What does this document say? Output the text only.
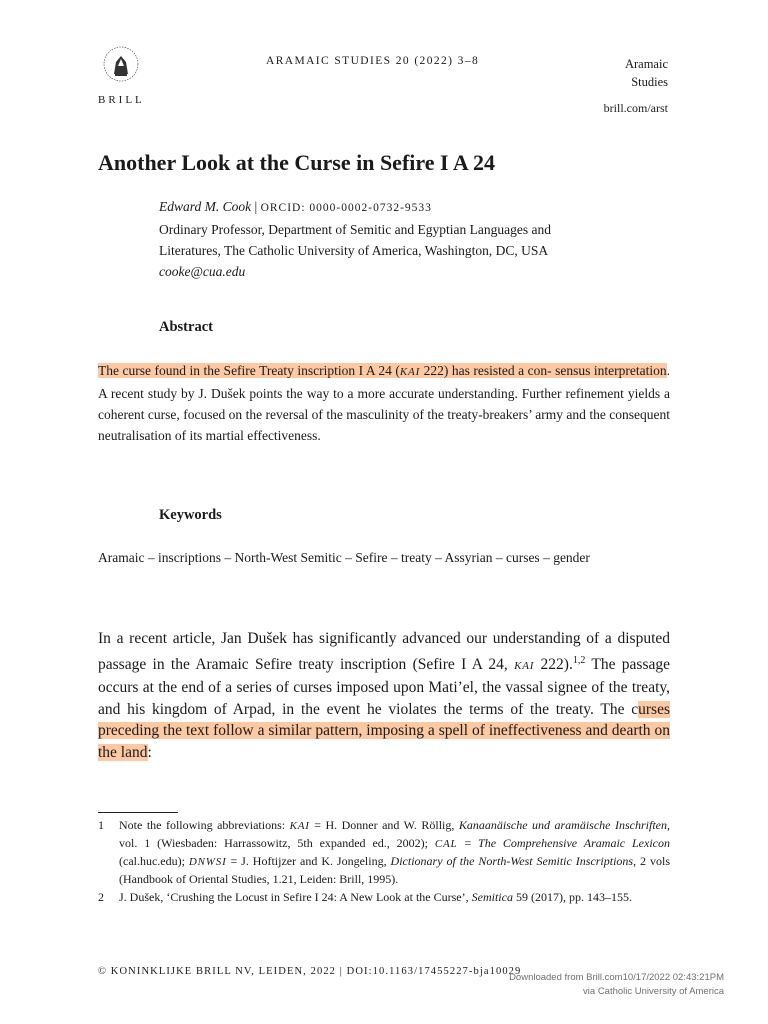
BRILL
ARAMAIC STUDIES 20 (2022) 3–8	Aramaic
Studies
brill.com/arst
Another Look at the Curse in Sefire I A 24
Edward M. Cook | ORCID: 0000-0002-0732-9533
Ordinary Professor, Department of Semitic and Egyptian Languages and
Literatures, The Catholic University of America, Washington, DC, USA
cooke@cua.edu
Abstract
The curse found in the Sefire Treaty inscription I A 24 (KAI 222) has resisted a con- sensus interpretation. A recent study by J. Dušek points the way to a more accurate understanding. Further refinement yields a coherent curse, focused on the reversal of the masculinity of the treaty-breakers’ army and the consequent neutralisation of its martial effectiveness.
Keywords
Aramaic – inscriptions – North-West Semitic – Sefire – treaty – Assyrian – curses – gender
In a recent article, Jan Dušek has significantly advanced our understanding of a disputed passage in the Aramaic Sefire treaty inscription (Sefire I A 24, KAI 222).$^{1,2}$ The passage occurs at the end of a series of curses imposed upon Mati’el, the vassal signee of the treaty, and his kingdom of Arpad, in the event he violates the terms of the treaty. The curses preceding the text follow a similar pattern, imposing a spell of ineffectiveness and dearth on the land:
1	Note the following abbreviations: KAI = H. Donner and W. Röllig, Kanaanäische und aramäische Inschriften, vol. 1 (Wiesbaden: Harrassowitz, 5th expanded ed., 2002); CAL = The Comprehensive Aramaic Lexicon (cal.huc.edu); DNWSI = J. Hoftijzer and K. Jongeling, Dictionary of the North-West Semitic Inscriptions, 2 vols (Handbook of Oriental Studies, 1.21, Leiden: Brill, 1995).
2	J. Dušek, ‘Crushing the Locust in Sefire I 24: A New Look at the Curse’, Semitica 59 (2017), pp. 143–155.
© KONINKLIJKE BRILL NV, LEIDEN, 2022 | DOI:10.1163/17455227-bja10029
Downloaded from Brill.com10/17/2022 02:43:21PM
via Catholic University of America
